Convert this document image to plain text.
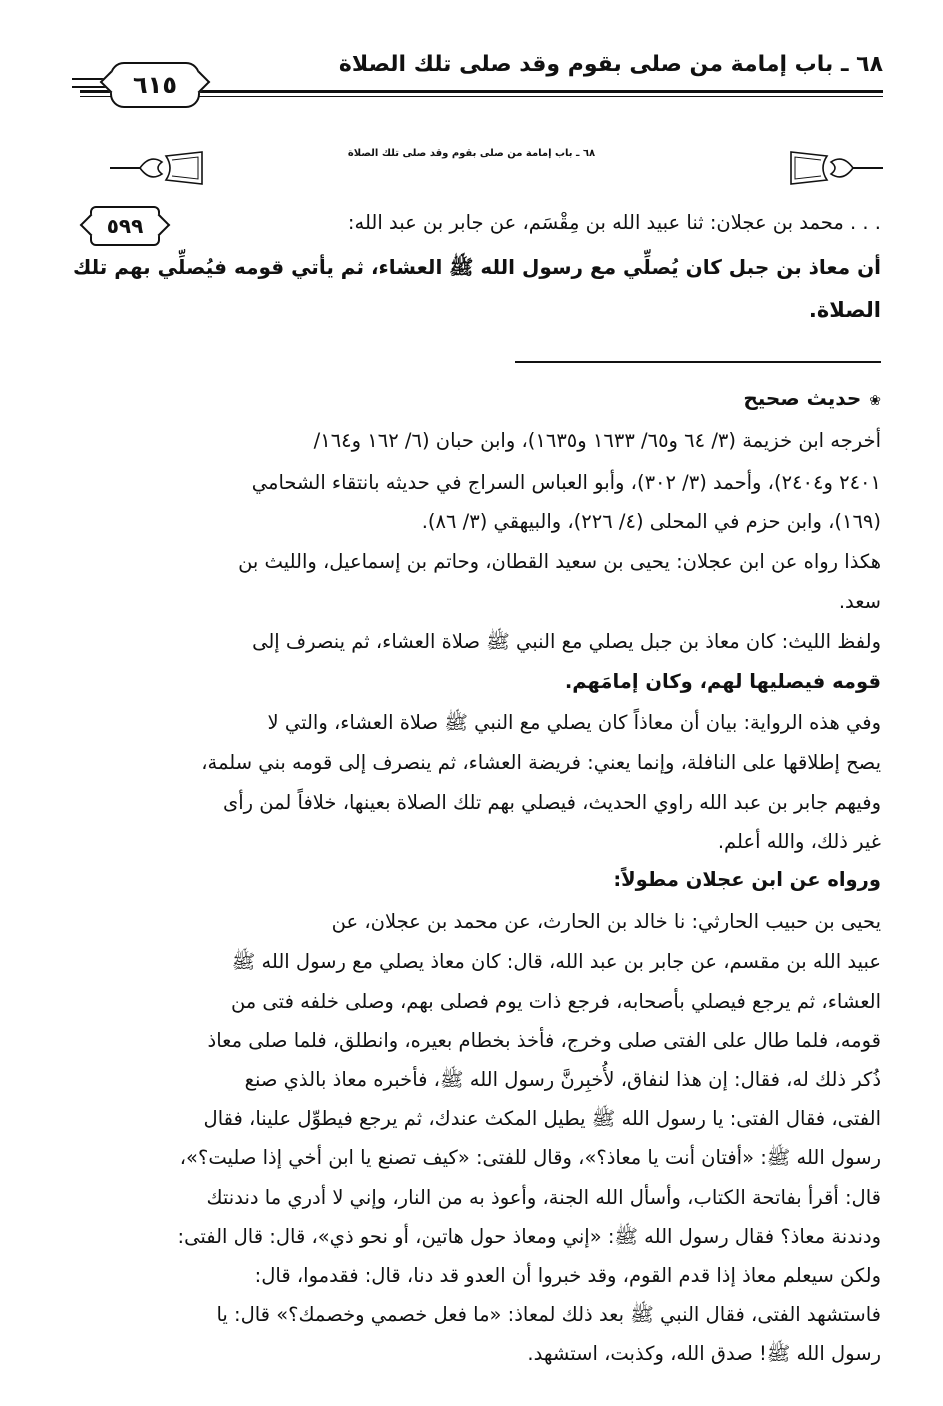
٦٨ ـ باب إمامة من صلى بقوم وقد صلى تلك الصلاة
٦١٥
٦٨ ـ باب إمامة من صلى بقوم وقد صلى تلك الصلاة
٥٩٩	. . . محمد بن عجلان: ثنا عبيد الله بن مِقْسَم، عن جابر بن عبد الله:
أن معاذ بن جبل كان يُصلِّي مع رسول الله ﷺ العشاء، ثم يأتي قومه فيُصلِّي بهم تلك
الصلاة.
❀حديث صحيح
أخرجه ابن خزيمة (٣/ ٦٤ و٦٥/ ١٦٣٣ و١٦٣٥)، وابن حبان (٦/ ١٦٢ و١٦٤/
٢٤٠١ و٢٤٠٤)، وأحمد (٣/ ٣٠٢)، وأبو العباس السراج في حديثه بانتقاء الشحامي
(١٦٩)، وابن حزم في المحلى (٤/ ٢٢٦)، والبيهقي (٣/ ٨٦).
هكذا رواه عن ابن عجلان: يحيى بن سعيد القطان، وحاتم بن إسماعيل، والليث بن
سعد.
ولفظ الليث: كان معاذ بن جبل يصلي مع النبي ﷺ صلاة العشاء، ثم ينصرف إلى
قومه فيصليها لهم، وكان إمامَهم.
وفي هذه الرواية: بيان أن معاذاً كان يصلي مع النبي ﷺ صلاة العشاء، والتي لا
يصح إطلاقها على النافلة، وإنما يعني: فريضة العشاء، ثم ينصرف إلى قومه بني سلمة،
وفيهم جابر بن عبد الله راوي الحديث، فيصلي بهم تلك الصلاة بعينها، خلافاً لمن رأى
غير ذلك، والله أعلم.
ورواه عن ابن عجلان مطولاً:
يحيى بن حبيب الحارثي: نا خالد بن الحارث، عن محمد بن عجلان، عن
عبيد الله بن مقسم، عن جابر بن عبد الله، قال: كان معاذ يصلي مع رسول الله ﷺ
العشاء، ثم يرجع فيصلي بأصحابه، فرجع ذات يوم فصلى بهم، وصلى خلفه فتى من
قومه، فلما طال على الفتى صلى وخرج، فأخذ بخطام بعيره، وانطلق، فلما صلى معاذ
ذُكر ذلك له، فقال: إن هذا لنفاق، لأُخبِرنَّ رسول الله ﷺ، فأخبره معاذ بالذي صنع
الفتى، فقال الفتى: يا رسول الله ﷺ يطيل المكث عندك، ثم يرجع فيطوِّل علينا، فقال
رسول الله ﷺ: «أفتان أنت يا معاذ؟»، وقال للفتى: «كيف تصنع يا ابن أخي إذا صليت؟»،
قال: أقرأ بفاتحة الكتاب، وأسأل الله الجنة، وأعوذ به من النار، وإني لا أدري ما دندنتك
ودندنة معاذ؟ فقال رسول الله ﷺ: «إني ومعاذ حول هاتين، أو نحو ذي»، قال: قال الفتى:
ولكن سيعلم معاذ إذا قدم القوم، وقد خبروا أن العدو قد دنا، قال: فقدموا، قال:
فاستشهد الفتى، فقال النبي ﷺ بعد ذلك لمعاذ: «ما فعل خصمي وخصمك؟» قال: يا
رسول الله ﷺ! صدق الله، وكذبت، استشهد.
